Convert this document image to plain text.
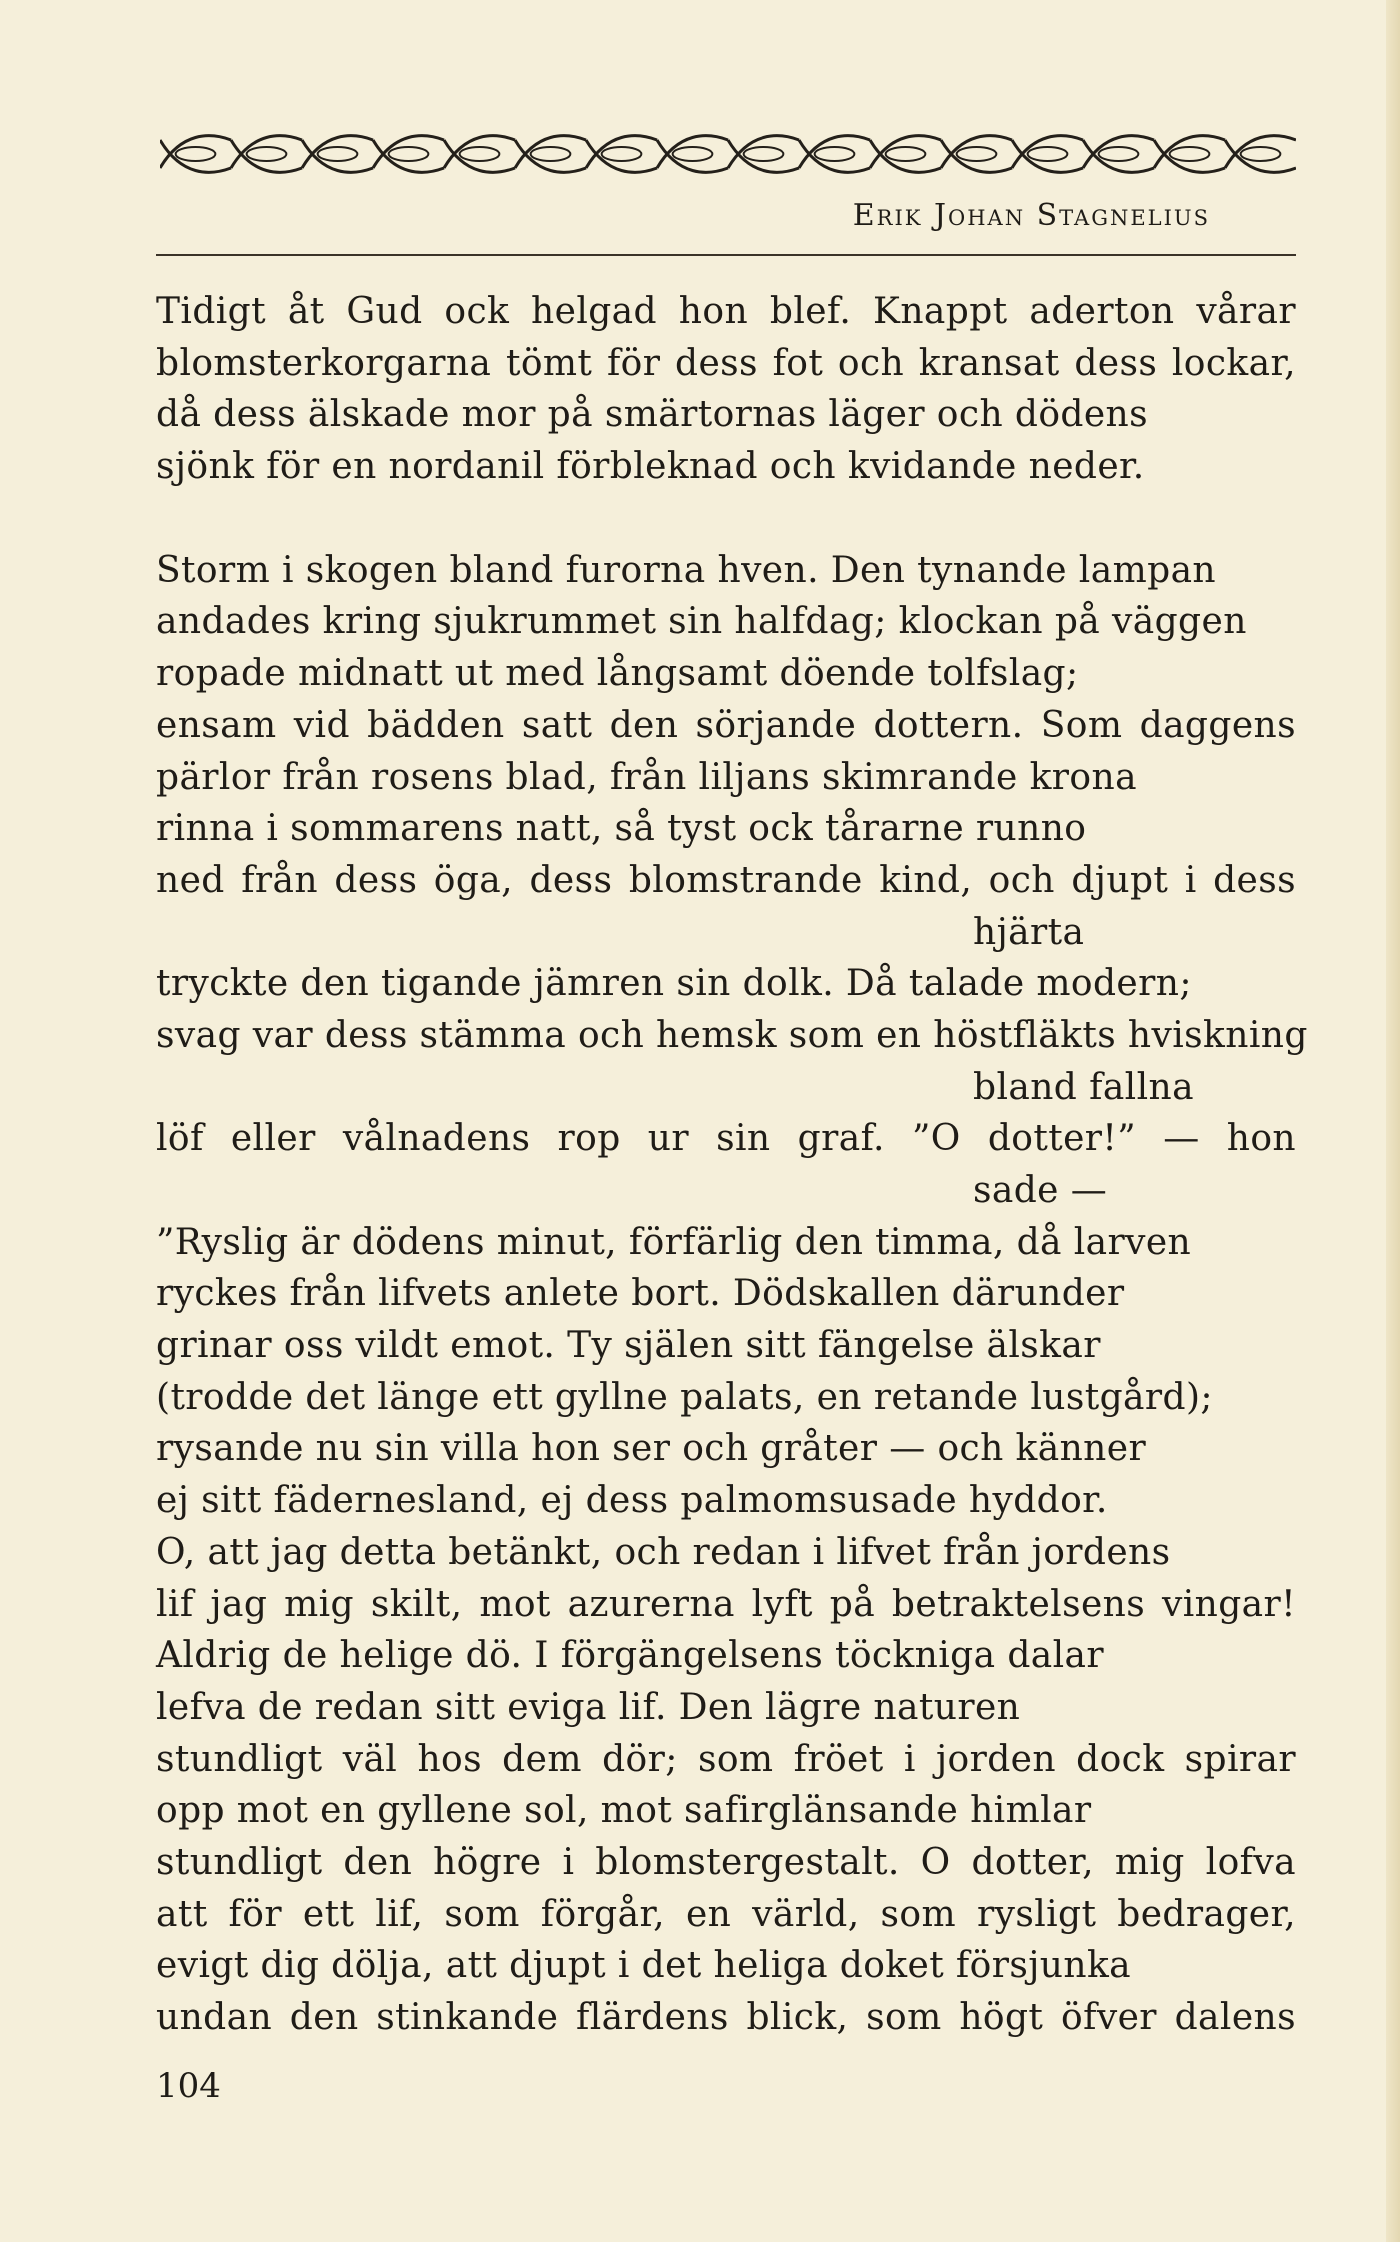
Erik Johan Stagnelius
Tidigt åt Gud ock helgad hon blef. Knappt aderton vårar
blomsterkorgarna tömt för dess fot och kransat dess lockar,
då dess älskade mor på smärtornas läger och dödens
sjönk för en nordanil förbleknad och kvidande neder.
Storm i skogen bland furorna hven. Den tynande lampan
andades kring sjukrummet sin halfdag; klockan på väggen
ropade midnatt ut med långsamt döende tolfslag;
ensam vid bädden satt den sörjande dottern. Som daggens
pärlor från rosens blad, från liljans skimrande krona
rinna i sommarens natt, så tyst ock tårarne runno
ned från dess öga, dess blomstrande kind, och djupt i dess
hjärta
tryckte den tigande jämren sin dolk. Då talade modern;
svag var dess stämma och hemsk som en höstfläkts hviskning
bland fallna
löf eller vålnadens rop ur sin graf. ”O dotter!” — hon
sade —
”Ryslig är dödens minut, förfärlig den timma, då larven
ryckes från lifvets anlete bort. Dödskallen därunder
grinar oss vildt emot. Ty själen sitt fängelse älskar
(trodde det länge ett gyllne palats, en retande lustgård);
rysande nu sin villa hon ser och gråter — och känner
ej sitt fädernesland, ej dess palmomsusade hyddor.
O, att jag detta betänkt, och redan i lifvet från jordens
lif jag mig skilt, mot azurerna lyft på betraktelsens vingar!
Aldrig de helige dö. I förgängelsens töckniga dalar
lefva de redan sitt eviga lif. Den lägre naturen
stundligt väl hos dem dör; som fröet i jorden dock spirar
opp mot en gyllene sol, mot safirglänsande himlar
stundligt den högre i blomstergestalt. O dotter, mig lofva
att för ett lif, som förgår, en värld, som rysligt bedrager,
evigt dig dölja, att djupt i det heliga doket försjunka
undan den stinkande flärdens blick, som högt öfver dalens
104
